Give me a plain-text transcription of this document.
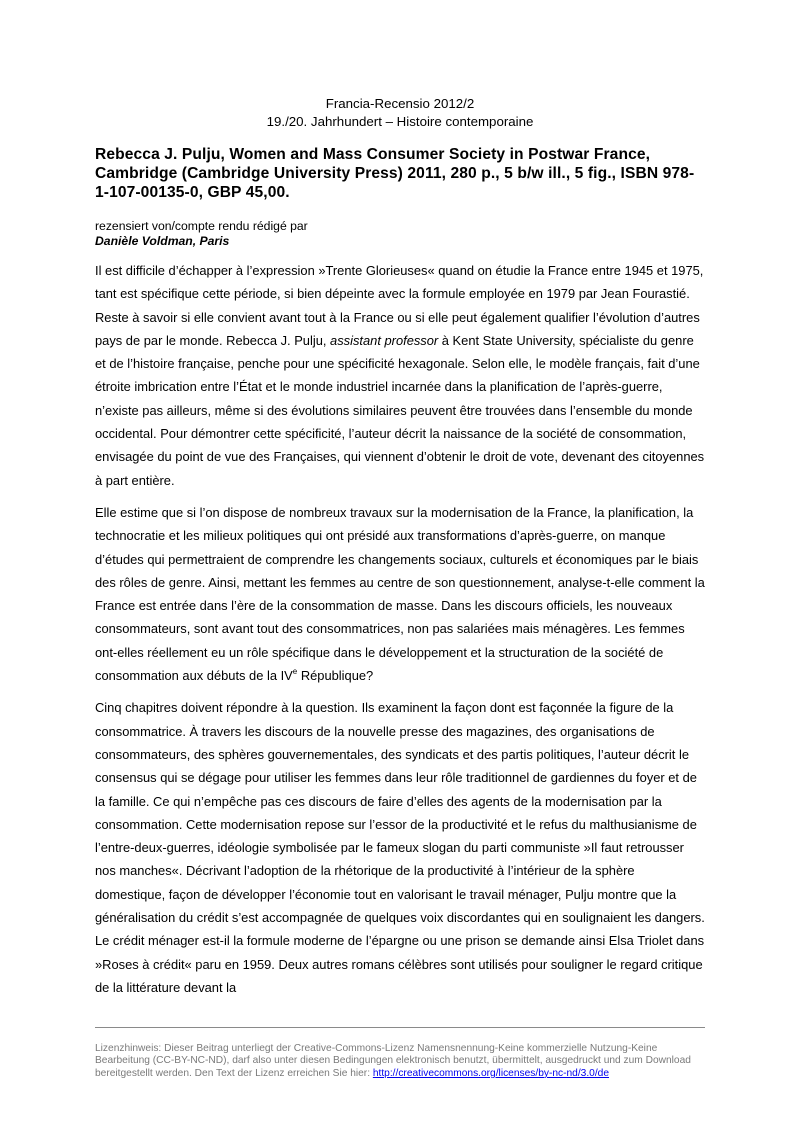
Francia-Recensio 2012/2
19./20. Jahrhundert – Histoire contemporaine
Rebecca J. Pulju, Women and Mass Consumer Society in Postwar France, Cambridge (Cambridge University Press) 2011, 280 p., 5 b/w ill., 5 fig., ISBN 978-1-107-00135-0, GBP 45,00.
rezensiert von/compte rendu rédigé par
Danièle Voldman, Paris

Il est difficile d’échapper à l’expression »Trente Glorieuses« quand on étudie la France entre 1945 et 1975, tant est spécifique cette période, si bien dépeinte avec la formule employée en 1979 par Jean Fourastié. Reste à savoir si elle convient avant tout à la France ou si elle peut également qualifier l’évolution d’autres pays de par le monde. Rebecca J. Pulju, assistant professor à Kent State University, spécialiste du genre et de l’histoire française, penche pour une spécificité hexagonale. Selon elle, le modèle français, fait d’une étroite imbrication entre l’État et le monde industriel incarnée dans la planification de l’après-guerre, n’existe pas ailleurs, même si des évolutions similaires peuvent être trouvées dans l’ensemble du monde occidental. Pour démontrer cette spécificité, l’auteur décrit la naissance de la société de consommation, envisagée du point de vue des Françaises, qui viennent d’obtenir le droit de vote, devenant des citoyennes à part entière.

Elle estime que si l’on dispose de nombreux travaux sur la modernisation de la France, la planification, la technocratie et les milieux politiques qui ont présidé aux transformations d’après-guerre, on manque d’études qui permettraient de comprendre les changements sociaux, culturels et économiques par le biais des rôles de genre. Ainsi, mettant les femmes au centre de son questionnement, analyse-t-elle comment la France est entrée dans l’ère de la consommation de masse. Dans les discours officiels, les nouveaux consommateurs, sont avant tout des consommatrices, non pas salariées mais ménagères. Les femmes ont-elles réellement eu un rôle spécifique dans le développement et la structuration de la société de consommation aux débuts de la IVe République?

Cinq chapitres doivent répondre à la question. Ils examinent la façon dont est façonnée la figure de la consommatrice. À travers les discours de la nouvelle presse des magazines, des organisations de consommateurs, des sphères gouvernementales, des syndicats et des partis politiques, l’auteur décrit le consensus qui se dégage pour utiliser les femmes dans leur rôle traditionnel de gardiennes du foyer et de la famille. Ce qui n’empêche pas ces discours de faire d’elles des agents de la modernisation par la consommation. Cette modernisation repose sur l’essor de la productivité et le refus du malthusianisme de l’entre-deux-guerres, idéologie symbolisée par le fameux slogan du parti communiste »Il faut retrousser nos manches«. Décrivant l’adoption de la rhétorique de la productivité à l’intérieur de la sphère domestique, façon de développer l’économie tout en valorisant le travail ménager, Pulju montre que la généralisation du crédit s’est accompagnée de quelques voix discordantes qui en soulignaient les dangers. Le crédit ménager est-il la formule moderne de l’épargne ou une prison se demande ainsi Elsa Triolet dans »Roses à crédit« paru en 1959. Deux autres romans célèbres sont utilisés pour souligner le regard critique de la littérature devant la

Lizenzhinweis: Dieser Beitrag unterliegt der Creative-Commons-Lizenz Namensnennung-Keine kommerzielle Nutzung-Keine Bearbeitung (CC-BY-NC-ND), darf also unter diesen Bedingungen elektronisch benutzt, übermittelt, ausgedruckt und zum Download bereitgestellt werden. Den Text der Lizenz erreichen Sie hier: http://creativecommons.org/licenses/by-nc-nd/3.0/de
